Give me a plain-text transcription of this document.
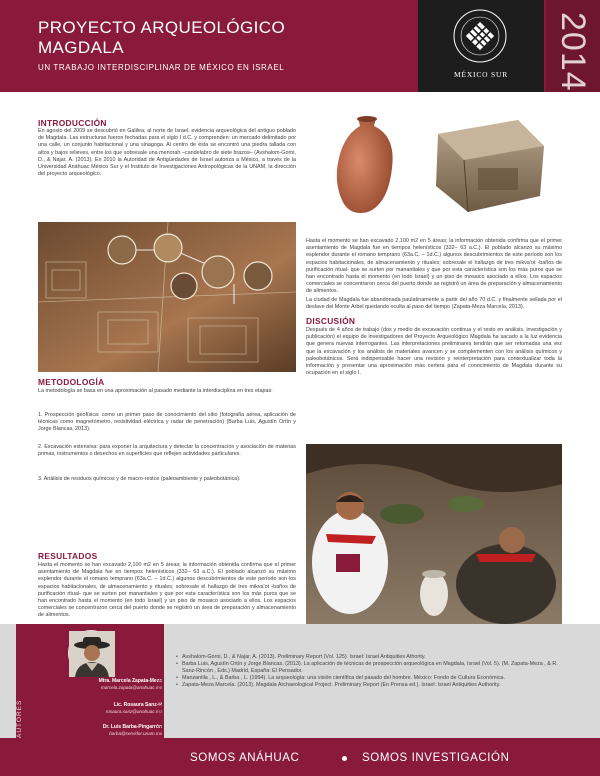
PROYECTO ARQUEOLÓGICO MAGDALA
UN TRABAJO INTERDISCIPLINAR DE MÉXICO EN ISRAEL
MÉXICO SUR	2014
INTRODUCCIÓN
En agosto del 2009 se descubrió en Galilea, al norte de Israel, evidencia arqueológica del antiguo poblado de Magdala. Las estructuras fueron fechadas para el siglo I d.C. y comprenden: un mercado delimitado por una calle, un conjunto habitacional y una sinagoga. Al centro de ésta se encontró una piedra tallada con altos y bajos relieves, entre los que sobresale una menorah –candelabro de siete brazos– (Avshalom-Gorni, D., & Najar, A. (2013). En 2010 la Autoridad de Antigüedades de Israel autoriza a México, a través de la Universidad Anáhuac México Sur y el Instituto de Investigaciones Antropológicas de la UNAM, la dirección del proyecto arqueológico.
METODOLOGÍA
La metodología se basa en una aproximación al pasado mediante la interdisciplina en tres etapas:
1. Prospección geofísica: como un primer paso de conocimiento del sitio (fotografía aérea, aplicación de técnicas como magnetómetro, resistividad eléctrica y radar de penetración) (Barba Luis, Agustín Ortín y Jorge Blancas, 2013).
2. Excavación extensiva: para exponer la arquitectura y detectar la concentración y asociación de materias primas, instrumentos o desechos en superficies que reflejen actividades particulares.
3. Análisis de residuos químicos y de macro-restos (paleoambiente y paleobotánica).
RESULTADOS
Hasta el momento se han excavado 2,100 m2 en 5 áreas; la información obtenida confirma que el primer asentamiento de Magdala fue en tiempos helenísticos (332– 63 a.C.). El poblado alcanzó su máximo esplendor durante el romano temprano (63a.C. – 1d.C.) algunos descubrimientos de este período son los espacios habitacionales, de almacenamiento y rituales; sobresale el hallazgo de tres mikva'ot -baños de purificación ritual- que se surten por manantiales y que por esta característica son los más puros que se han encontrado hasta el momento (en todo Israel) y un piso de mosaico asociado a ellos. Los espacios comerciales se concentraron cerca del puerto donde se registró un área de preparación y almacenamiento de alimentos.
Hasta el momento se han excavado 2,100 m2 en 5 áreas; la información obtenida confirma que el primer asentamiento de Magdala fue en tiempos helenísticos (332– 63 a.C.). El poblado alcanzó su máximo esplendor durante el romano temprano (63a.C. – 1d.C.) algunos descubrimientos de este período son los espacios habitacionales, de almacenamiento y rituales; sobresale el hallazgo de tres mikva'ot -baños de purificación ritual- que se surten por manantiales y que por esta característica son los más puros que se han encontrado hasta el momento (en todo Israel) y un piso de mosaico asociado a ellos. Los espacios comerciales se concentraron cerca del puerto donde se registró un área de preparación y almacenamiento de alimentos.
La ciudad de Magdala fue abandonada paulatinamente a partir del año 70 d.C. y finalmente sellada por el deslave del Monte Arbel quedando oculta al paso del tiempo (Zapata-Meza Marcela, 2013).
DISCUSIÓN
Después de 4 años de trabajo (dos y medio de excavación continua y el resto en análisis, investigación y publicación) el equipo de investigadores del Proyecto Arqueológico Magdala ha sacado a la luz evidencia que genera nuevas interrogantes. Las interpretaciones preliminares tendrán que ser retomadas una vez que la excavación y los análisis de materiales avancen y se complementen con los análisis químicos y paleobotánicos. Será indispensable hacer una revisión y reinterpretación para contextualizar toda la información y presentar una aproximación más certera para el conocimiento de Magdala durante su ocupación en el siglo I.
AUTORES
Mtra. Marcela Zapata-Meza
marcela.zapata@anahuac.mx
Lic. Rosaura Sanz-R
rosaura.sanz@anahuac.mx
Dr. Luis Barba-Pingarrón
barba@servidor.unam.mx
REFERENCIAS
• Avshalom-Gorni, D., & Najar, A. (2013). Preliminary Report (Vol. 125). Israel: Israel Antiquities Athority.
• Barba Luis, Agustín Ortín y Jorge Blancas. (2013). La aplicación de técnicas de prospección arqueológica en Magdala, Israel (Vol. 5). (M. Zapata-Meza , & R. Sanz-Rincón , Eds.) Madrid, España: El Pensador.
• Manzanilla , L., & Barba , L. (1994). La arqueología: una visión científica del pasado del hombre. México: Fondo de Cultura Económica.
• Zapata-Meza Marcela. (2013). Magdala Archaeological Project. Preliminary Report (En Prensa ed.). Israel: Israel Antiquities Authority.
SOMOS ANÁHUAC	SOMOS INVESTIGACIÓN
